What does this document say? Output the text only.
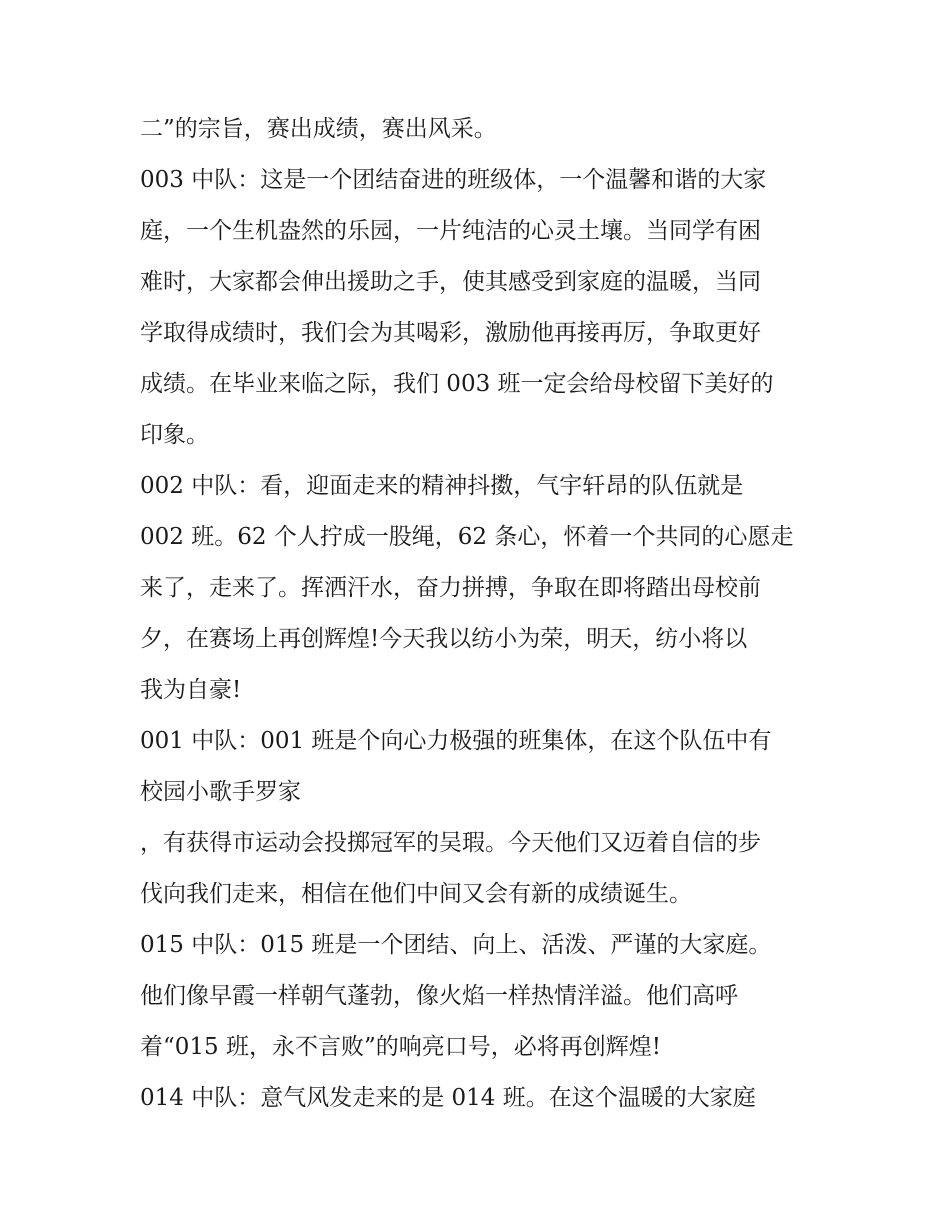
二”的宗旨，赛出成绩，赛出风采。
003 中队：这是一个团结奋进的班级体，一个温馨和谐的大家
庭，一个生机盎然的乐园，一片纯洁的心灵土壤。当同学有困
难时，大家都会伸出援助之手，使其感受到家庭的温暖，当同
学取得成绩时，我们会为其喝彩，激励他再接再厉，争取更好
成绩。在毕业来临之际，我们 003 班一定会给母校留下美好的
印象。
002 中队：看，迎面走来的精神抖擞，气宇轩昂的队伍就是
002 班。62 个人拧成一股绳，62 条心，怀着一个共同的心愿走
来了，走来了。挥洒汗水，奋力拼搏，争取在即将踏出母校前
夕，在赛场上再创辉煌!今天我以纺小为荣，明天，纺小将以
我为自豪!
001 中队：001 班是个向心力极强的班集体，在这个队伍中有
校园小歌手罗家
，有获得市运动会投掷冠军的吴瑕。今天他们又迈着自信的步
伐向我们走来，相信在他们中间又会有新的成绩诞生。
015 中队：015 班是一个团结、向上、活泼、严谨的大家庭。
他们像早霞一样朝气蓬勃，像火焰一样热情洋溢。他们高呼
着“015 班，永不言败”的响亮口号，必将再创辉煌!
014 中队：意气风发走来的是 014 班。在这个温暖的大家庭
